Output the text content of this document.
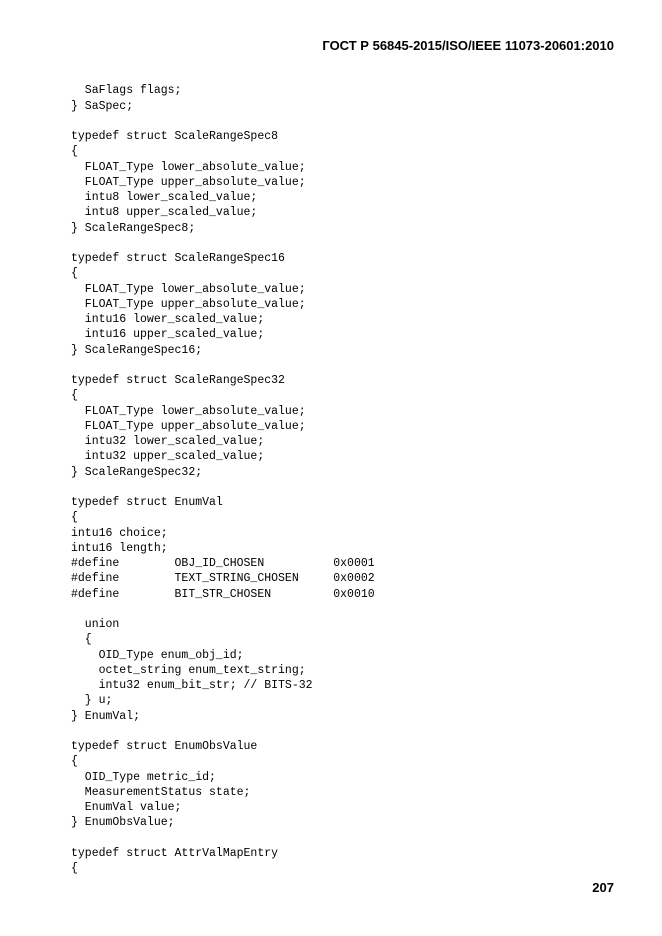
ГОСТ Р 56845-2015/ISO/IEEE 11073-20601:2010

SaFlags flags;
} SaSpec;
typedef struct ScaleRangeSpec8
{
FLOAT_Type lower_absolute_value;
FLOAT_Type upper_absolute_value;
intu8 lower_scaled_value;
intu8 upper_scaled_value;
} ScaleRangeSpec8;
typedef struct ScaleRangeSpec16
{
FLOAT_Type lower_absolute_value;
FLOAT_Type upper_absolute_value;
intu16 lower_scaled_value;
intu16 upper_scaled_value;
} ScaleRangeSpec16;
typedef struct ScaleRangeSpec32
{
FLOAT_Type lower_absolute_value;
FLOAT_Type upper_absolute_value;
intu32 lower_scaled_value;
intu32 upper_scaled_value;
} ScaleRangeSpec32;
typedef struct EnumVal
{
intu16 choice;
intu16 length;
#define        OBJ_ID_CHOSEN          0x0001
#define        TEXT_STRING_CHOSEN     0x0002
#define        BIT_STR_CHOSEN         0x0010
union
{
OID_Type enum_obj_id;
octet_string enum_text_string;
intu32 enum_bit_str; // BITS-32
} u;
} EnumVal;
typedef struct EnumObsValue
{
OID_Type metric_id;
MeasurementStatus state;
EnumVal value;
} EnumObsValue;
typedef struct AttrValMapEntry
{
207
